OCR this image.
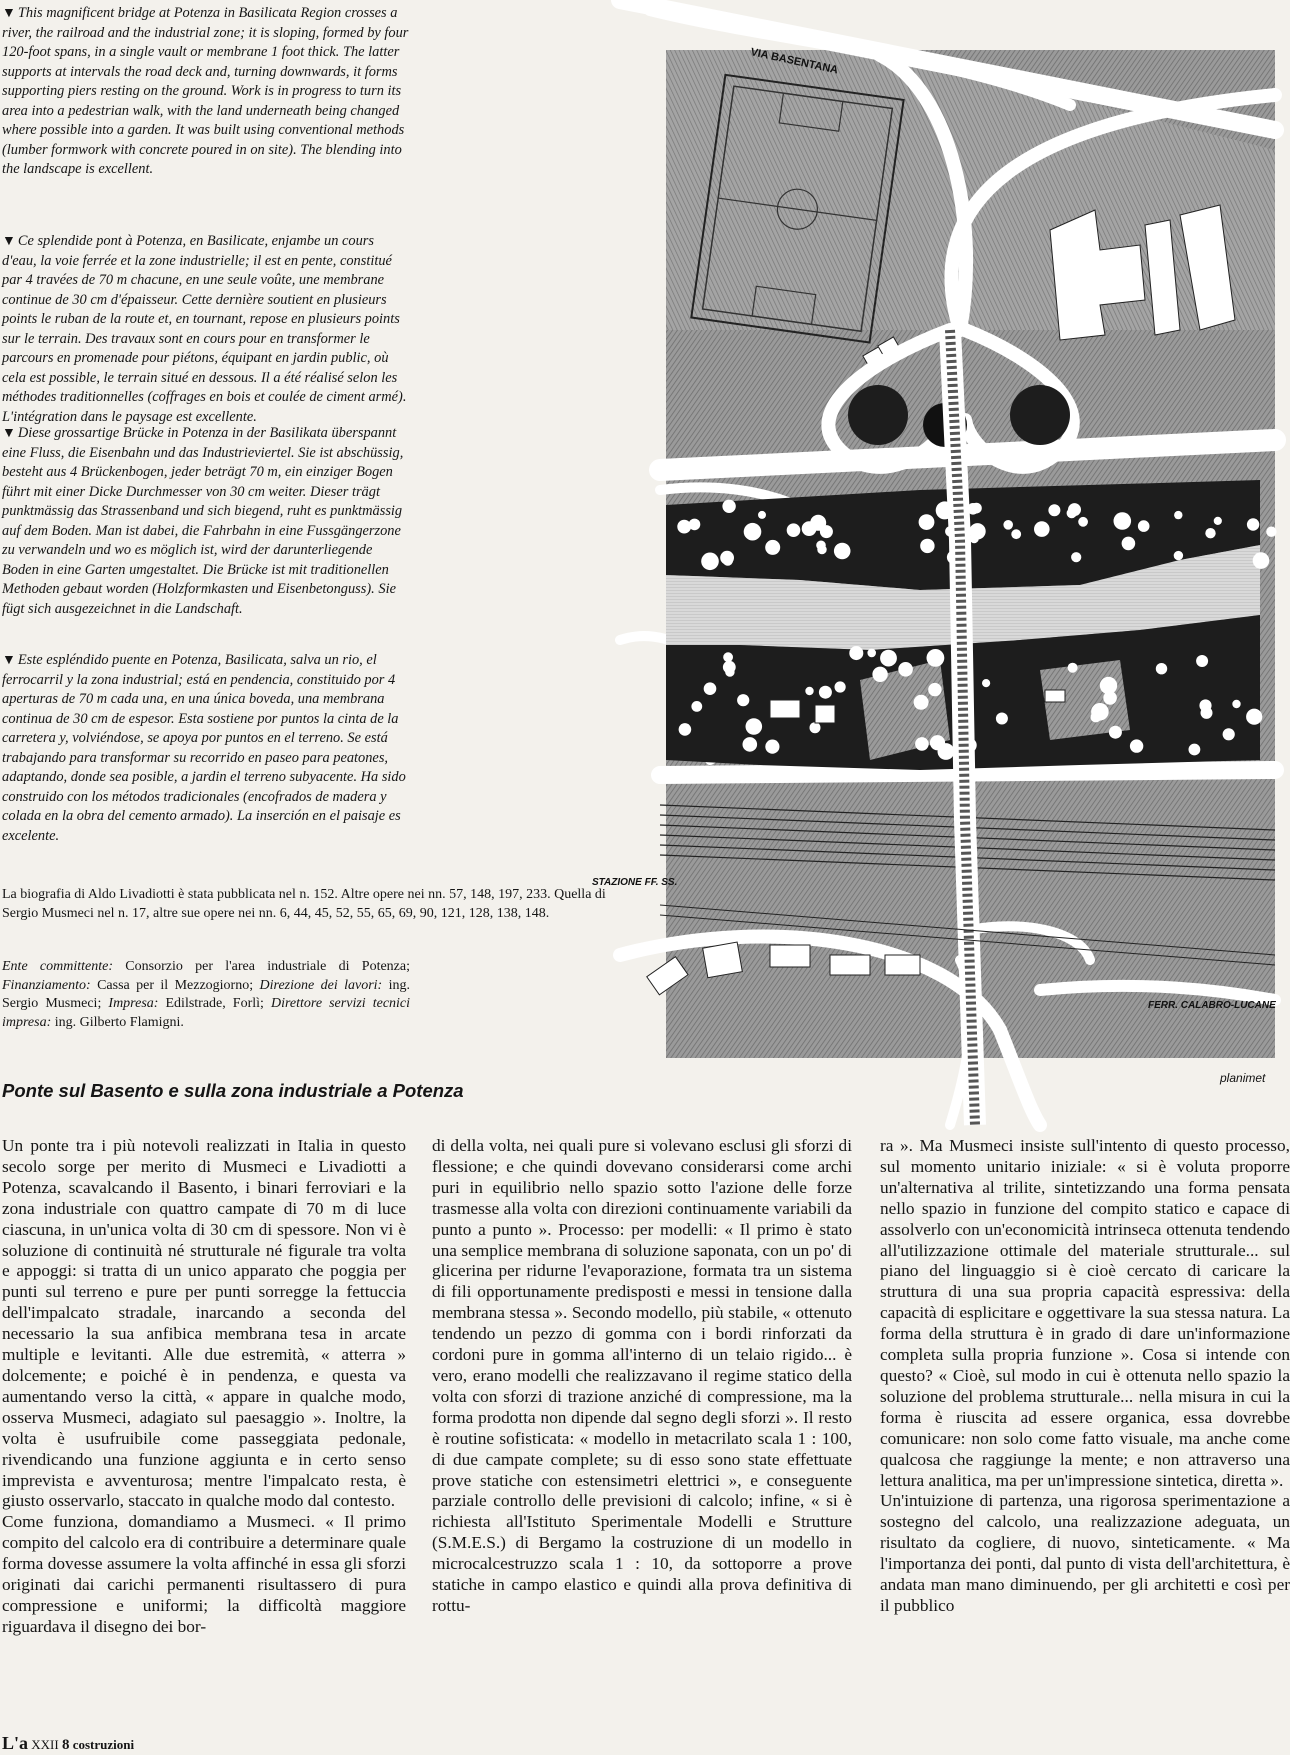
▼ This magnificent bridge at Potenza in Basilicata Region crosses a river, the railroad and the industrial zone; it is sloping, formed by four 120-foot spans, in a single vault or membrane 1 foot thick. The latter supports at intervals the road deck and, turning downwards, it forms supporting piers resting on the ground. Work is in progress to turn its area into a pedestrian walk, with the land underneath being changed where possible into a garden. It was built using conventional methods (lumber formwork with concrete poured in on site). The blending into the landscape is excellent.

▼ Ce splendide pont à Potenza, en Basilicate, enjambe un cours d'eau, la voie ferrée et la zone industrielle; il est en pente, constitué par 4 travées de 70 m chacune, en une seule voûte, une membrane continue de 30 cm d'épaisseur. Cette dernière soutient en plusieurs points le ruban de la route et, en tournant, repose en plusieurs points sur le terrain. Des travaux sont en cours pour en transformer le parcours en promenade pour piétons, équipant en jardin public, où cela est possible, le terrain situé en dessous. Il a été réalisé selon les méthodes traditionnelles (coffrages en bois et coulée de ciment armé). L'intégration dans le paysage est excellente.

▼ Diese grossartige Brücke in Potenza in der Basilikata überspannt eine Fluss, die Eisenbahn und das Industrieviertel. Sie ist abschüssig, besteht aus 4 Brückenbogen, jeder beträgt 70 m, ein einziger Bogen führt mit einer Dicke Durchmesser von 30 cm weiter. Dieser trägt punktmässig das Strassenband und sich biegend, ruht es punktmässig auf dem Boden. Man ist dabei, die Fahrbahn in eine Fussgängerzone zu verwandeln und wo es möglich ist, wird der darunterliegende Boden in eine Garten umgestaltet. Die Brücke ist mit traditionellen Methoden gebaut worden (Holzformkasten und Eisenbetonguss). Sie fügt sich ausgezeichnet in die Landschaft.

▼ Este espléndido puente en Potenza, Basilicata, salva un rio, el ferrocarril y la zona industrial; está en pendencia, constituido por 4 aperturas de 70 m cada una, en una única boveda, una membrana continua de 30 cm de espesor. Esta sostiene por puntos la cinta de la carretera y, volviéndose, se apoya por puntos en el terreno. Se está trabajando para transformar su recorrido en paseo para peatones, adaptando, donde sea posible, a jardin el terreno subyacente. Ha sido construido con los métodos tradicionales (encofrados de madera y colada en la obra del cemento armado). La inserción en el paisaje es excelente.

La biografia di Aldo Livadiotti è stata pubblicata nel n. 152. Altre opere nei nn. 57, 148, 197, 233. Quella di Sergio Musmeci nel n. 17, altre sue opere nei nn. 6, 44, 45, 52, 55, 65, 69, 90, 121, 128, 138, 148.

Ente committente: Consorzio per l'area industriale di Potenza; Finanziamento: Cassa per il Mezzogiorno; Direzione dei lavori: ing. Sergio Musmeci; Impresa: Edilstrade, Forlì; Direttore servizi tecnici impresa: ing. Gilberto Flamigni.

VIA BASENTANA
STAZIONE FF. SS.
FERR. CALABRO-LUCANE
planimet
Ponte sul Basento e sulla zona industriale a Potenza

Un ponte tra i più notevoli realizzati in Italia in questo secolo sorge per merito di Musmeci e Livadiotti a Potenza, scavalcando il Basento, i binari ferroviari e la zona industriale con quattro campate di 70 m di luce ciascuna, in un'unica volta di 30 cm di spessore. Non vi è soluzione di continuità né strutturale né figurale tra volta e appoggi: si tratta di un unico apparato che poggia per punti sul terreno e pure per punti sorregge la fettuccia dell'impalcato stradale, inarcando a seconda del necessario la sua anfibica membrana tesa in arcate multiple e levitanti. Alle due estremità, « atterra » dolcemente; e poiché è in pendenza, e questa va aumentando verso la città, « appare in qualche modo, osserva Musmeci, adagiato sul paesaggio ». Inoltre, la volta è usufruibile come passeggiata pedonale, rivendicando una funzione aggiunta e in certo senso imprevista e avventurosa; mentre l'impalcato resta, è giusto osservarlo, staccato in qualche modo dal contesto.

Come funziona, domandiamo a Musmeci. « Il primo compito del calcolo era di contribuire a determinare quale forma dovesse assumere la volta affinché in essa gli sforzi originati dai carichi permanenti risultassero di pura compressione e uniformi; la difficoltà maggiore riguardava il disegno dei bor-

di della volta, nei quali pure si volevano esclusi gli sforzi di flessione; e che quindi dovevano considerarsi come archi puri in equilibrio nello spazio sotto l'azione delle forze trasmesse alla volta con direzioni continuamente variabili da punto a punto ». Processo: per modelli: « Il primo è stato una semplice membrana di soluzione saponata, con un po' di glicerina per ridurne l'evaporazione, formata tra un sistema di fili opportunamente predisposti e messi in tensione dalla membrana stessa ». Secondo modello, più stabile, « ottenuto tendendo un pezzo di gomma con i bordi rinforzati da cordoni pure in gomma all'interno di un telaio rigido... è vero, erano modelli che realizzavano il regime statico della volta con sforzi di trazione anziché di compressione, ma la forma prodotta non dipende dal segno degli sforzi ». Il resto è routine sofisticata: « modello in metacrilato scala 1 : 100, di due campate complete; su di esso sono state effettuate prove statiche con estensimetri elettrici », e conseguente parziale controllo delle previsioni di calcolo; infine, « si è richiesta all'Istituto Sperimentale Modelli e Strutture (S.M.E.S.) di Bergamo la costruzione di un modello in microcalcestruzzo scala 1 : 10, da sottoporre a prove statiche in campo elastico e quindi alla prova definitiva di rottu-

ra ». Ma Musmeci insiste sull'intento di questo processo, sul momento unitario iniziale: « si è voluta proporre un'alternativa al trilite, sintetizzando una forma pensata nello spazio in funzione del compito statico e capace di assolverlo con un'economicità intrinseca ottenuta tendendo all'utilizzazione ottimale del materiale strutturale... sul piano del linguaggio si è cioè cercato di caricare la struttura di una sua propria capacità espressiva: della capacità di esplicitare e oggettivare la sua stessa natura. La forma della struttura è in grado di dare un'informazione completa sulla propria funzione ». Cosa si intende con questo? « Cioè, sul modo in cui è ottenuta nello spazio la soluzione del problema strutturale... nella misura in cui la forma è riuscita ad essere organica, essa dovrebbe comunicare: non solo come fatto visuale, ma anche come qualcosa che raggiunge la mente; e non attraverso una lettura analitica, ma per un'impressione sintetica, diretta ».

Un'intuizione di partenza, una rigorosa sperimentazione a sostegno del calcolo, una realizzazione adeguata, un risultato da cogliere, di nuovo, sinteticamente. « Ma l'importanza dei ponti, dal punto di vista dell'architettura, è andata man mano diminuendo, per gli architetti e così per il pubblico

L'a XXII 8 costruzioni
